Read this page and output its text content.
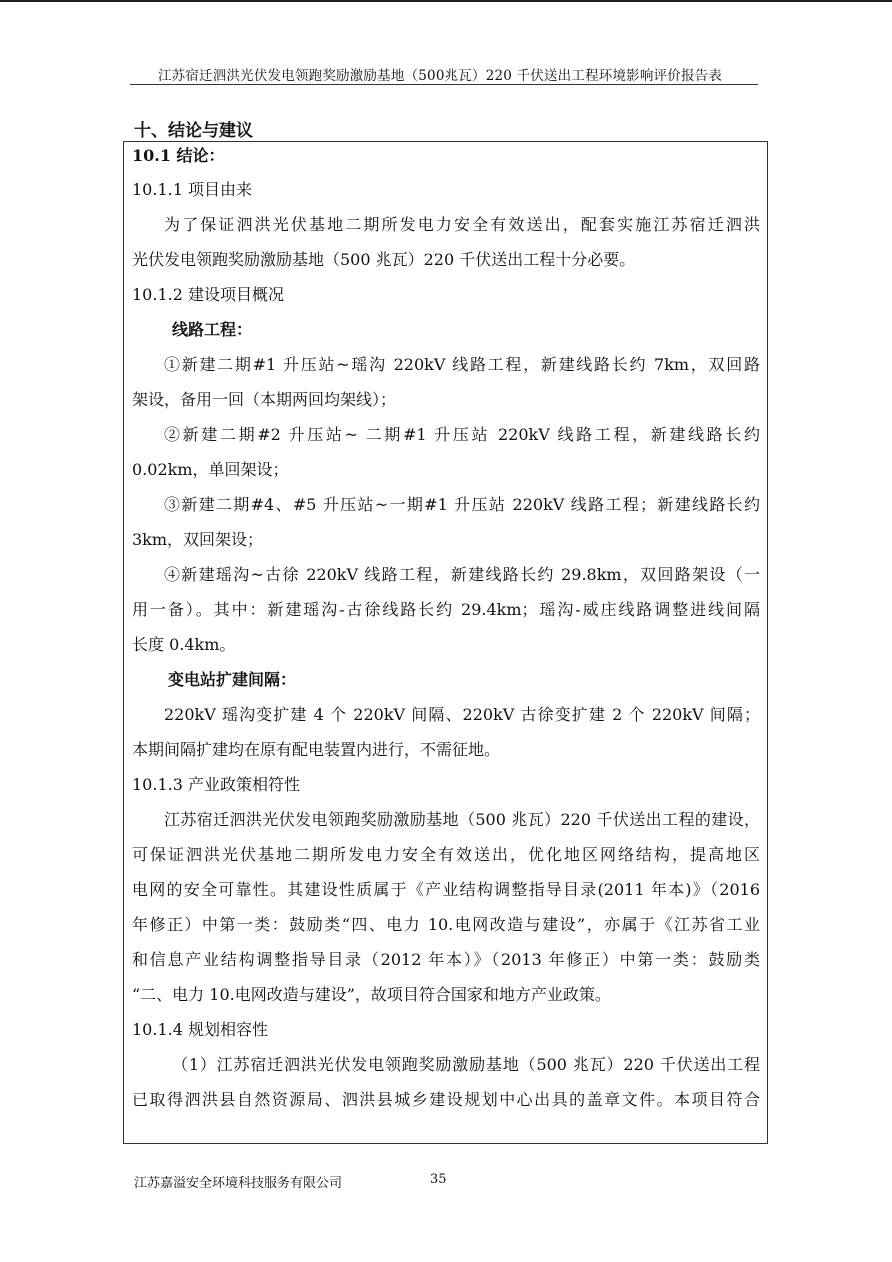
江苏宿迁泗洪光伏发电领跑奖励激励基地（500兆瓦）220 千伏送出工程环境影响评价报告表
十、结论与建议
10.1 结论：
10.1.1 项目由来
为了保证泗洪光伏基地二期所发电力安全有效送出，配套实施江苏宿迁泗洪
光伏发电领跑奖励激励基地（500 兆瓦）220 千伏送出工程十分必要。
10.1.2 建设项目概况
线路工程：
①新建二期#1 升压站~瑶沟 220kV 线路工程，新建线路长约 7km，双回路
架设，备用一回（本期两回均架线）；
②新建二期#2 升压站~ 二期#1 升压站 220kV 线路工程，新建线路长约
0.02km，单回架设；
③新建二期#4、#5 升压站~一期#1 升压站 220kV 线路工程；新建线路长约
3km，双回架设；
④新建瑶沟~古徐 220kV 线路工程，新建线路长约 29.8km，双回路架设（一
用一备）。其中：新建瑶沟-古徐线路长约 29.4km；瑶沟-威庄线路调整进线间隔
长度 0.4km。
变电站扩建间隔：
220kV 瑶沟变扩建 4 个 220kV 间隔、220kV 古徐变扩建 2 个 220kV 间隔；
本期间隔扩建均在原有配电装置内进行，不需征地。
10.1.3 产业政策相符性
江苏宿迁泗洪光伏发电领跑奖励激励基地（500 兆瓦）220 千伏送出工程的建设，
可保证泗洪光伏基地二期所发电力安全有效送出，优化地区网络结构，提高地区
电网的安全可靠性。其建设性质属于《产业结构调整指导目录(2011 年本)》（2016
年修正）中第一类：鼓励类“四、电力 10.电网改造与建设”，亦属于《江苏省工业
和信息产业结构调整指导目录（2012 年本）》（2013 年修正）中第一类：鼓励类
“二、电力 10.电网改造与建设”，故项目符合国家和地方产业政策。
10.1.4 规划相容性
（1）江苏宿迁泗洪光伏发电领跑奖励激励基地（500 兆瓦）220 千伏送出工程
已取得泗洪县自然资源局、泗洪县城乡建设规划中心出具的盖章文件。本项目符合
江苏嘉溢安全环境科技服务有限公司	35
